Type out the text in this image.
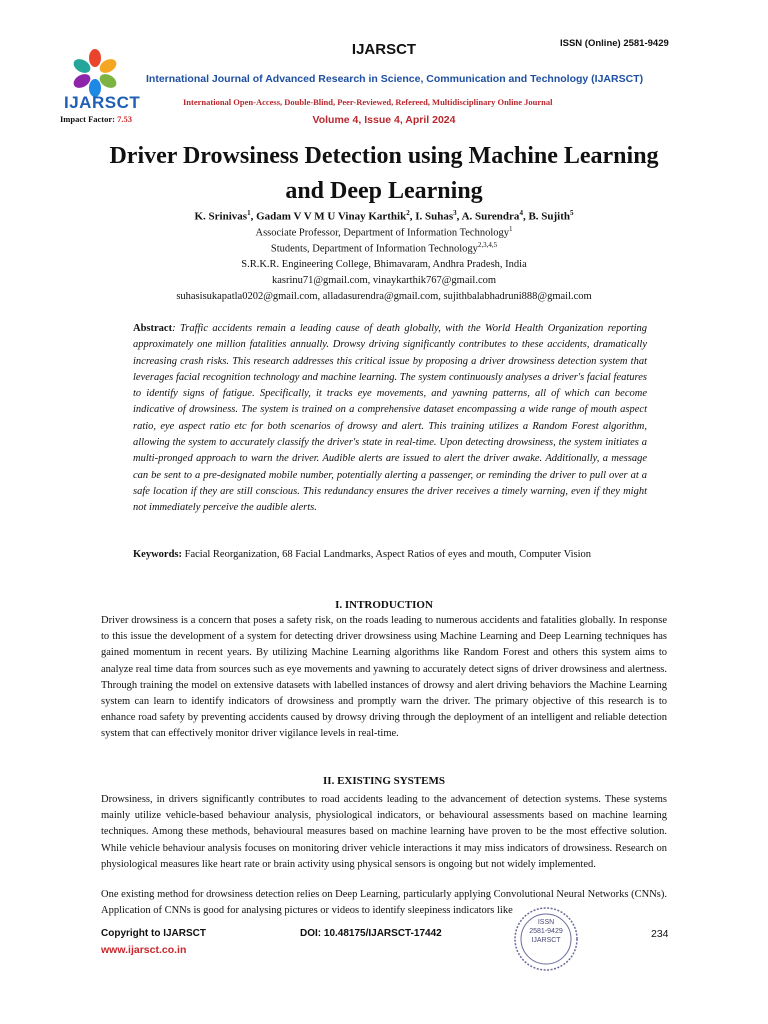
IJARSCT	ISSN (Online) 2581-9429
IJARSCT
Impact Factor: 7.53
International Journal of Advanced Research in Science, Communication and Technology (IJARSCT)
International Open-Access, Double-Blind, Peer-Reviewed, Refereed, Multidisciplinary Online Journal
Volume 4, Issue 4, April 2024
Driver Drowsiness Detection using Machine Learning and Deep Learning
K. Srinivas$^1$, Gadam V V M U Vinay Karthik$^2$, I. Suhas$^3$, A. Surendra$^4$, B. Sujith$^5$
Associate Professor, Department of Information Technology$^1$
Students, Department of Information Technology$^{2,3,4,5}$
S.R.K.R. Engineering College, Bhimavaram, Andhra Pradesh, India
kasrinu71@gmail.com, vinaykarthik767@gmail.com
suhasisukapatla0202@gmail.com, alladasurendra@gmail.com, sujithbalabhadruni888@gmail.com
Abstract: Traffic accidents remain a leading cause of death globally, with the World Health Organization reporting approximately one million fatalities annually. Drowsy driving significantly contributes to these accidents, dramatically increasing crash risks. This research addresses this critical issue by proposing a driver drowsiness detection system that leverages facial recognition technology and machine learning. The system continuously analyses a driver's facial features to identify signs of fatigue. Specifically, it tracks eye movements, and yawning patterns, all of which can become indicative of drowsiness. The system is trained on a comprehensive dataset encompassing a wide range of mouth aspect ratio, eye aspect ratio etc for both scenarios of drowsy and alert. This training utilizes a Random Forest algorithm, allowing the system to accurately classify the driver's state in real-time. Upon detecting drowsiness, the system initiates a multi-pronged approach to warn the driver. Audible alerts are issued to alert the driver awake. Additionally, a message can be sent to a pre-designated mobile number, potentially alerting a passenger, or reminding the driver to pull over at a safe location if they are still conscious. This redundancy ensures the driver receives a timely warning, even if they might not immediately perceive the audible alerts.
Keywords: Facial Reorganization, 68 Facial Landmarks, Aspect Ratios of eyes and mouth, Computer Vision
I. INTRODUCTION
Driver drowsiness is a concern that poses a safety risk, on the roads leading to numerous accidents and fatalities globally. In response to this issue the development of a system for detecting driver drowsiness using Machine Learning and Deep Learning techniques has gained momentum in recent years. By utilizing Machine Learning algorithms like Random Forest and others this system aims to analyze real time data from sources such as eye movements and yawning to accurately detect signs of driver drowsiness and alertness. Through training the model on extensive datasets with labelled instances of drowsy and alert driving behaviors the Machine Learning system can learn to identify indicators of drowsiness and promptly warn the driver. The primary objective of this research is to enhance road safety by preventing accidents caused by drowsy driving through the deployment of an intelligent and reliable detection system that can effectively monitor driver vigilance levels in real-time.
II. EXISTING SYSTEMS
Drowsiness, in drivers significantly contributes to road accidents leading to the advancement of detection systems. These systems mainly utilize vehicle-based behaviour analysis, physiological indicators, or behavioural assessments based on machine learning techniques. Among these methods, behavioural measures based on machine learning have proven to be the most effective solution. While vehicle behaviour analysis focuses on monitoring driver vehicle interactions it may miss indicators of drowsiness. Research on physiological measures like heart rate or brain activity using physical sensors is ongoing but not widely implemented.
One existing method for drowsiness detection relies on Deep Learning, particularly applying Convolutional Neural Networks (CNNs). Application of CNNs is good for analysing pictures or videos to identify sleepiness indicators like
Copyright to IJARSCT
www.ijarsct.co.in
DOI: 10.48175/IJARSCT-17442	234
ISSN
2581-9429
IJARSCT
